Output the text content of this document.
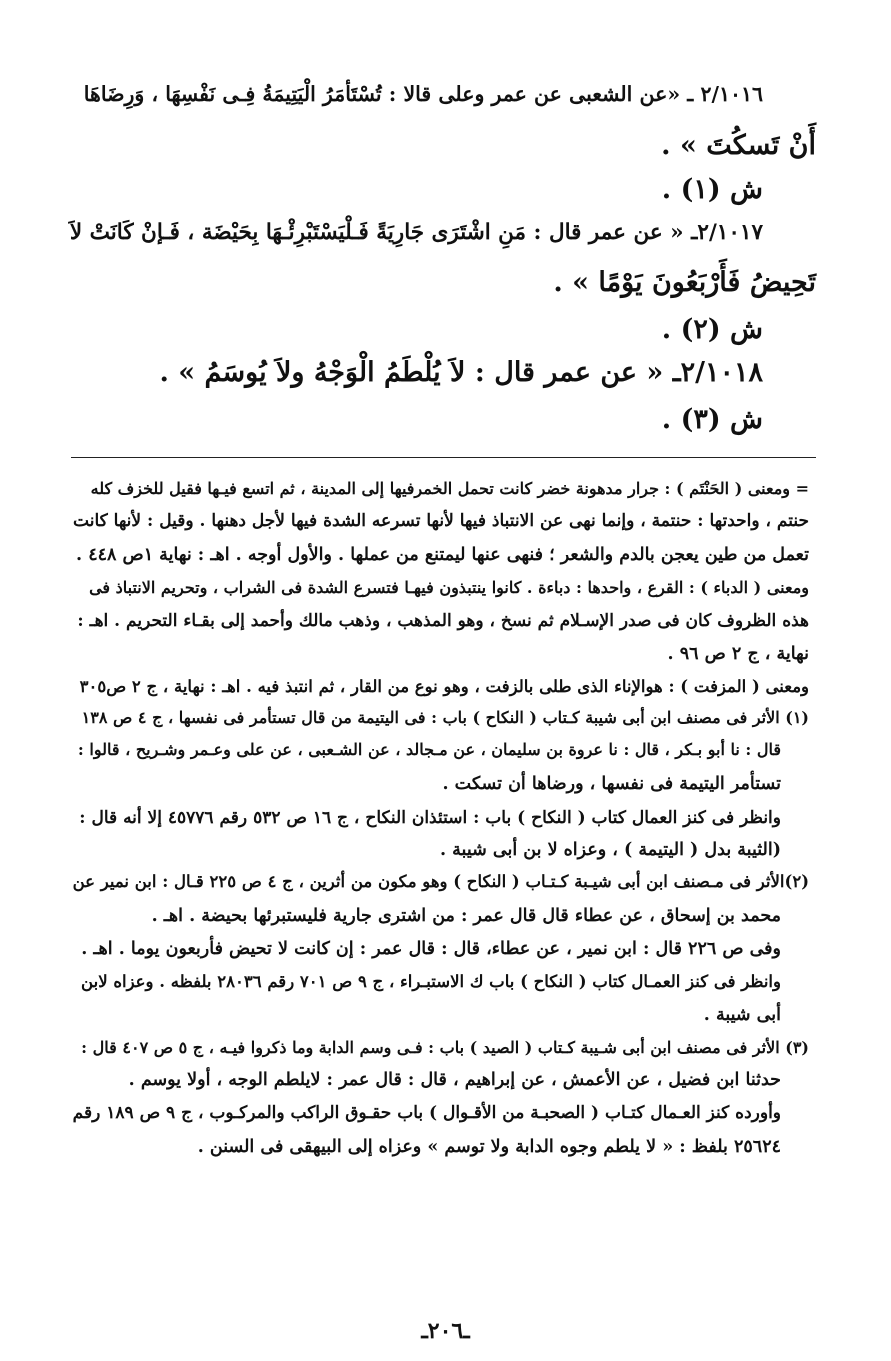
٢/١٠١٦ ـ «عن الشعبى عن عمر وعلى قالا : تُسْتَأمَرُ الْيَتِيمَةُ فِـى نَفْسِهَا ، وَرِضَاهَا
أَنْ تَسكُتَ » .
ش (١) .
٢/١٠١٧ـ « عن عمر قال : مَنِ اشْتَرَى جَارِيَةً فَـلْيَسْتَبْرِئْـهَا بِحَيْضَة ، فَـإنْ كَانَتْ لاَ
تَحِيضُ فَأَرْبَعُونَ يَوْمًا » .
ش (٢) .
٢/١٠١٨ـ « عن عمر قال : لاَ يُلْطَمُ الْوَجْهُ ولاَ يُوسَمُ » .
ش (٣) .
= ومعنى ( الحَنْتَم ) : جرار مدهونة خضر كانت تحمل الخمرفيها إلى المدينة ، ثم اتسع فيـها فقيل للخزف كله
حنتم ، واحدتها : حنتمة ، وإنما نهى عن الانتباذ فيها لأنها تسرعه الشدة فيها لأجل دهنها . وقيل : لأنها كانت
تعمل من طين يعجن بالدم والشعر ؛ فنهى عنها ليمتنع من عملها . والأول أوجه . اهـ : نهاية ١ص ٤٤٨ .
ومعنى ( الدباء ) : القرع ، واحدها : دباءة . كانوا ينتبذون فيهـا فتسرع الشدة فى الشراب ، وتحريم الانتباذ فى
هذه الظروف كان فى صدر الإسـلام ثم نسخ ، وهو المذهب ، وذهب مالك وأحمد إلى بقـاء التحريم . اهـ :
نهاية ، ج ٢ ص ٩٦ .
ومعنى ( المزفت ) : هوالإناء الذى طلى بالزفت ، وهو نوع من القار ، ثم انتبذ فيه . اهـ : نهاية ، ج ٢ ص٣٠٥
(١) الأثر فى مصنف ابن أبى شيبة كـتاب ( النكاح ) باب : فى اليتيمة من قال تستأمر فى نفسها ، ج ٤ ص ١٣٨
قال : نا أبو بـكر ، قال : نا عروة بن سليمان ، عن مـجالد ، عن الشـعبى ، عن على وعـمر وشـريح ، قالوا :
تستأمر اليتيمة فى نفسها ، ورضاها أن تسكت .
وانظر فى كنز العمال كتاب ( النكاح ) باب : استئذان النكاح ، ج ١٦ ص ٥٣٢ رقم ٤٥٧٧٦ إلا أنه قال :
(الثيبة بدل ( اليتيمة ) ، وعزاه لا بن أبى شيبة .
(٢)الأثر فى مـصنف ابن أبى شيـبة كـتـاب ( النكاح ) وهو مكون من أثرين ، ج ٤ ص ٢٢٥ قـال : ابن نمير عن
محمد بن إسحاق ، عن عطاء قال قال عمر : من اشترى جارية فليستبرئها بحيضة . اهـ .
وفى ص ٢٢٦ قال : ابن نمير ، عن عطاء، قال : قال عمر : إن كانت لا تحيض فأربعون يوما . اهـ .
وانظر فى كنز العمـال كتاب ( النكاح ) باب ك الاستبـراء ، ج ٩ ص ٧٠١ رقم ٢٨٠٣٦ بلفظه . وعزاه لابن
أبى شيبة .
(٣) الأثر فى مصنف ابن أبى شـيبة كـتاب ( الصيد ) باب : فـى وسم الدابة وما ذكروا فيـه ، ج ٥ ص ٤٠٧ قال :
حدثنا ابن فضيل ، عن الأعمش ، عن إبراهيم ، قال : قال عمر : لايلطم الوجه ، أولا يوسم .
وأورده كنز العـمال كتـاب ( الصحبـة من الأقـوال ) باب حقـوق الراكب والمركـوب ، ج ٩ ص ١٨٩ رقم
٢٥٦٢٤ بلفظ : « لا يلطم وجوه الدابة ولا توسم » وعزاه إلى البيهقى فى السنن .
ـ٢٠٦ـ
